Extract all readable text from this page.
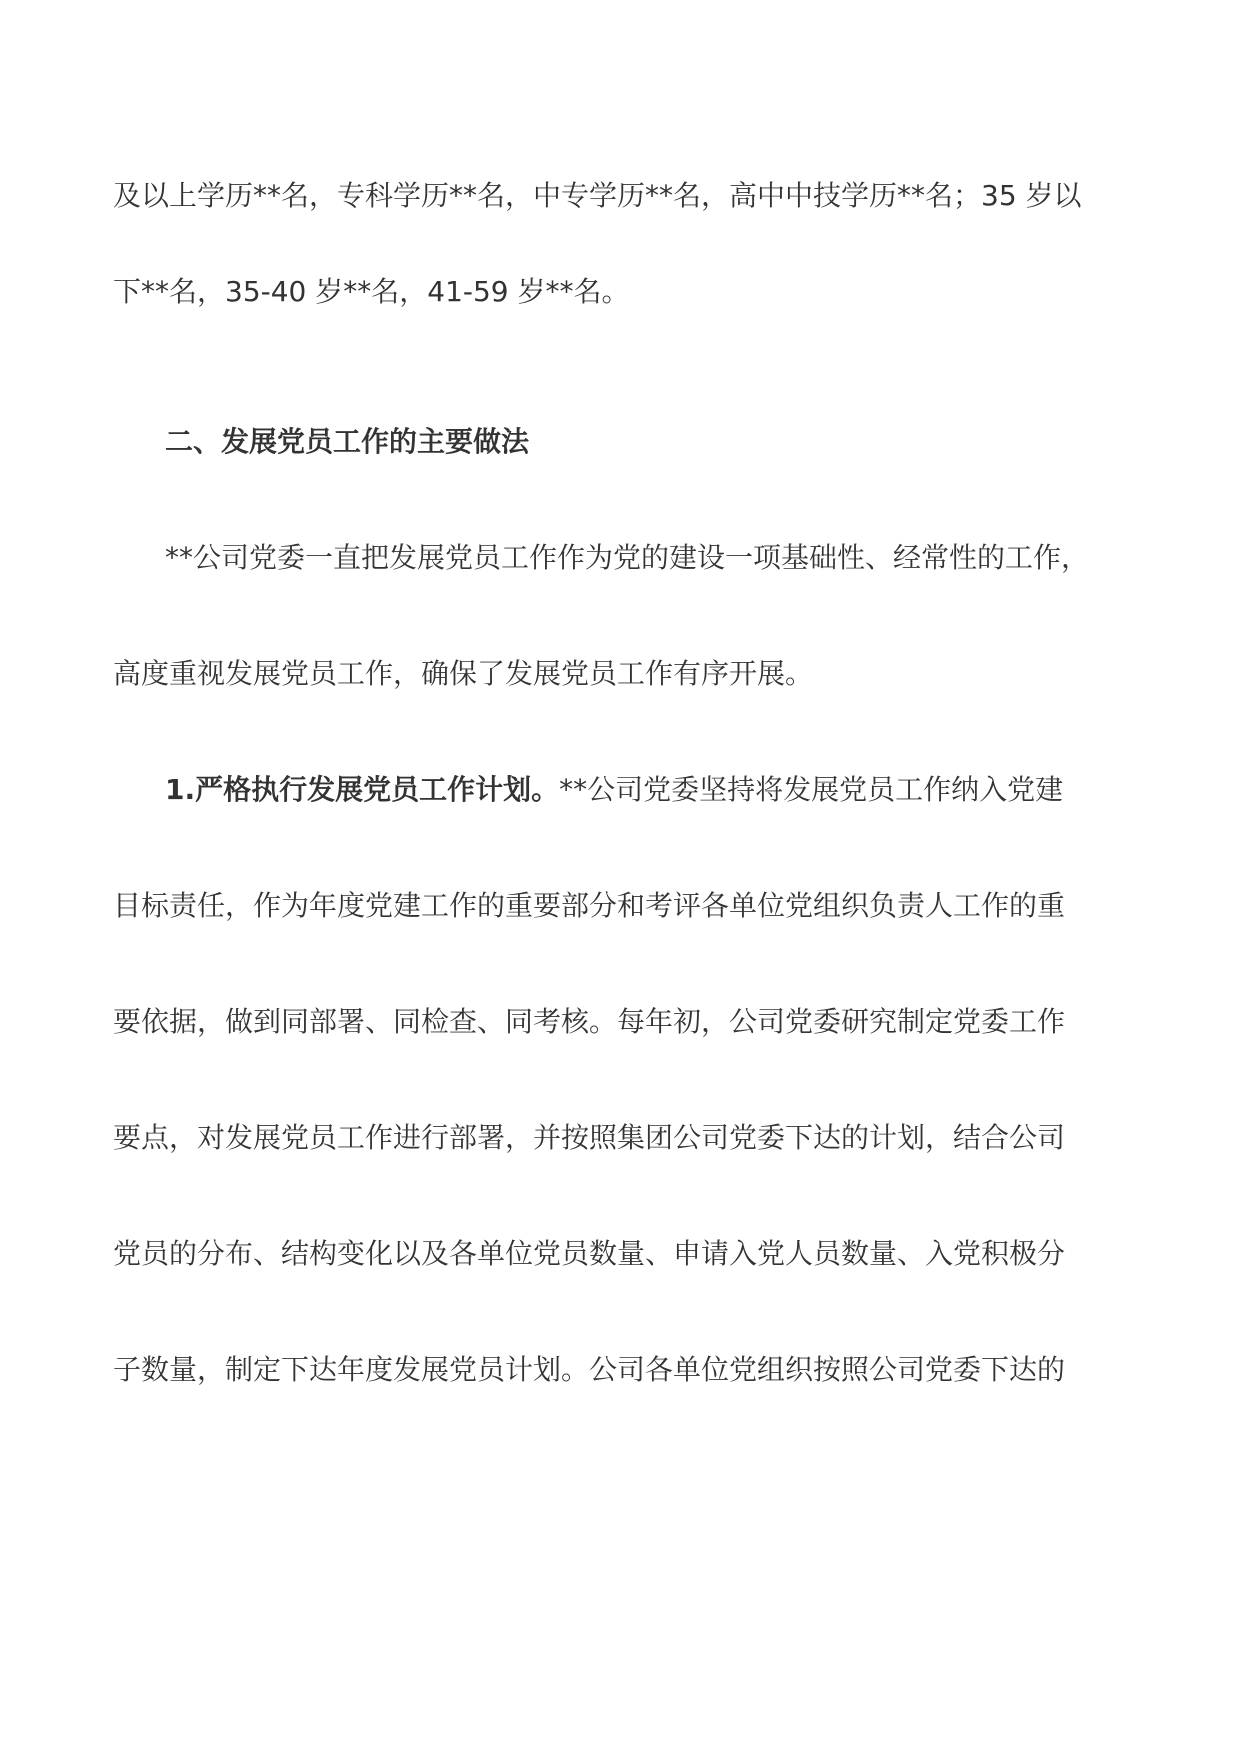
及以上学历**名，专科学历**名，中专学历**名，高中中技学历**名；35 岁以
下**名，35-40 岁**名，41-59 岁**名。
二、发展党员工作的主要做法
**公司党委一直把发展党员工作作为党的建设一项基础性、经常性的工作，
高度重视发展党员工作，确保了发展党员工作有序开展。
1.严格执行发展党员工作计划。**公司党委坚持将发展党员工作纳入党建
目标责任，作为年度党建工作的重要部分和考评各单位党组织负责人工作的重
要依据，做到同部署、同检查、同考核。每年初，公司党委研究制定党委工作
要点，对发展党员工作进行部署，并按照集团公司党委下达的计划，结合公司
党员的分布、结构变化以及各单位党员数量、申请入党人员数量、入党积极分
子数量，制定下达年度发展党员计划。公司各单位党组织按照公司党委下达的
